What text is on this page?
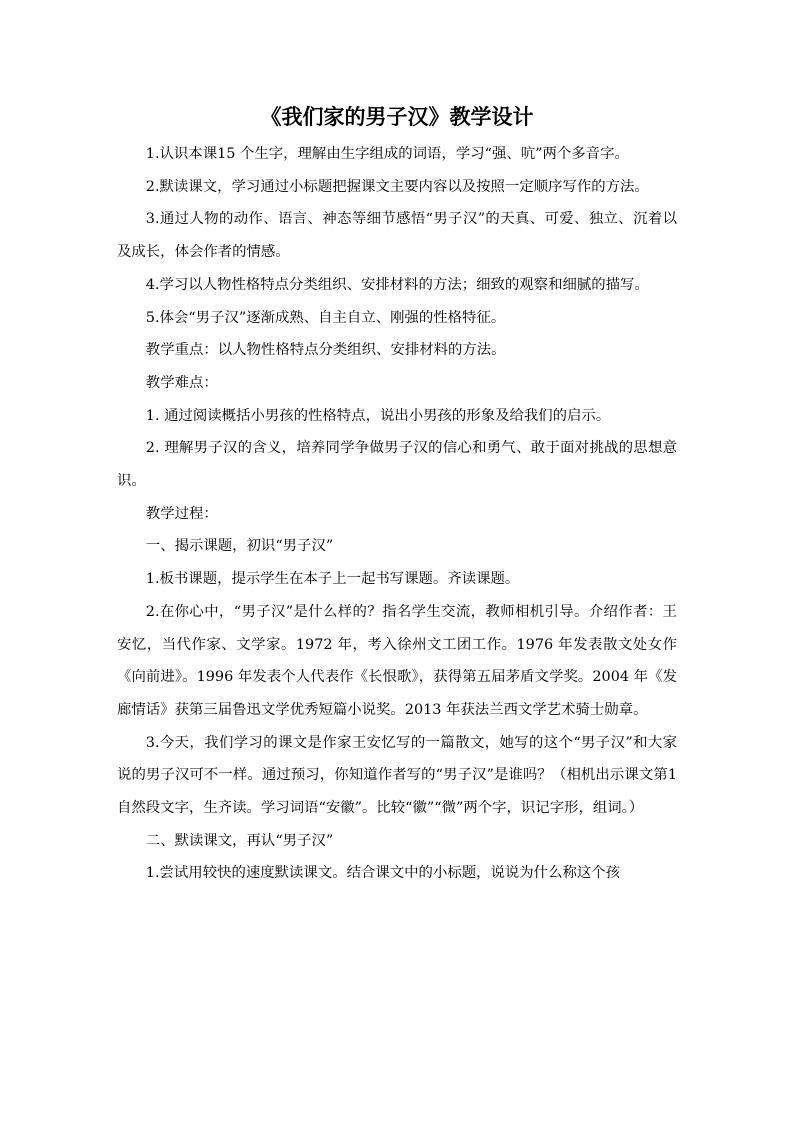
《我们家的男子汉》教学设计

1.认识本课15 个生字，理解由生字组成的词语，学习“强、吭”两个多音字。

2.默读课文，学习通过小标题把握课文主要内容以及按照一定顺序写作的方法。

3.通过人物的动作、语言、神态等细节感悟“男子汉”的天真、可爱、独立、沉着以及成长，体会作者的情感。

4.学习以人物性格特点分类组织、安排材料的方法；细致的观察和细腻的描写。

5.体会“男子汉”逐渐成熟、自主自立、刚强的性格特征。

教学重点：以人物性格特点分类组织、安排材料的方法。

教学难点：

1. 通过阅读概括小男孩的性格特点，说出小男孩的形象及给我们的启示。

2. 理解男子汉的含义，培养同学争做男子汉的信心和勇气、敢于面对挑战的思想意识。

教学过程：

一、揭示课题，初识“男子汉”

1.板书课题，提示学生在本子上一起书写课题。齐读课题。

2.在你心中，“男子汉”是什么样的？指名学生交流，教师相机引导。介绍作者：王安忆，当代作家、文学家。1972 年，考入徐州文工团工作。1976 年发表散文处女作《向前进》。1996 年发表个人代表作《长恨歌》，获得第五届茅盾文学奖。2004 年《发廊情话》获第三届鲁迅文学优秀短篇小说奖。2013 年获法兰西文学艺术骑士勋章。

3.今天，我们学习的课文是作家王安忆写的一篇散文，她写的这个“男子汉”和大家说的男子汉可不一样。通过预习，你知道作者写的“男子汉”是谁吗？（相机出示课文第1 自然段文字，生齐读。学习词语“安徽”。比较“徽”“微”两个字，识记字形，组词。）

二、默读课文，再认“男子汉”

1.尝试用较快的速度默读课文。结合课文中的小标题，说说为什么称这个孩
